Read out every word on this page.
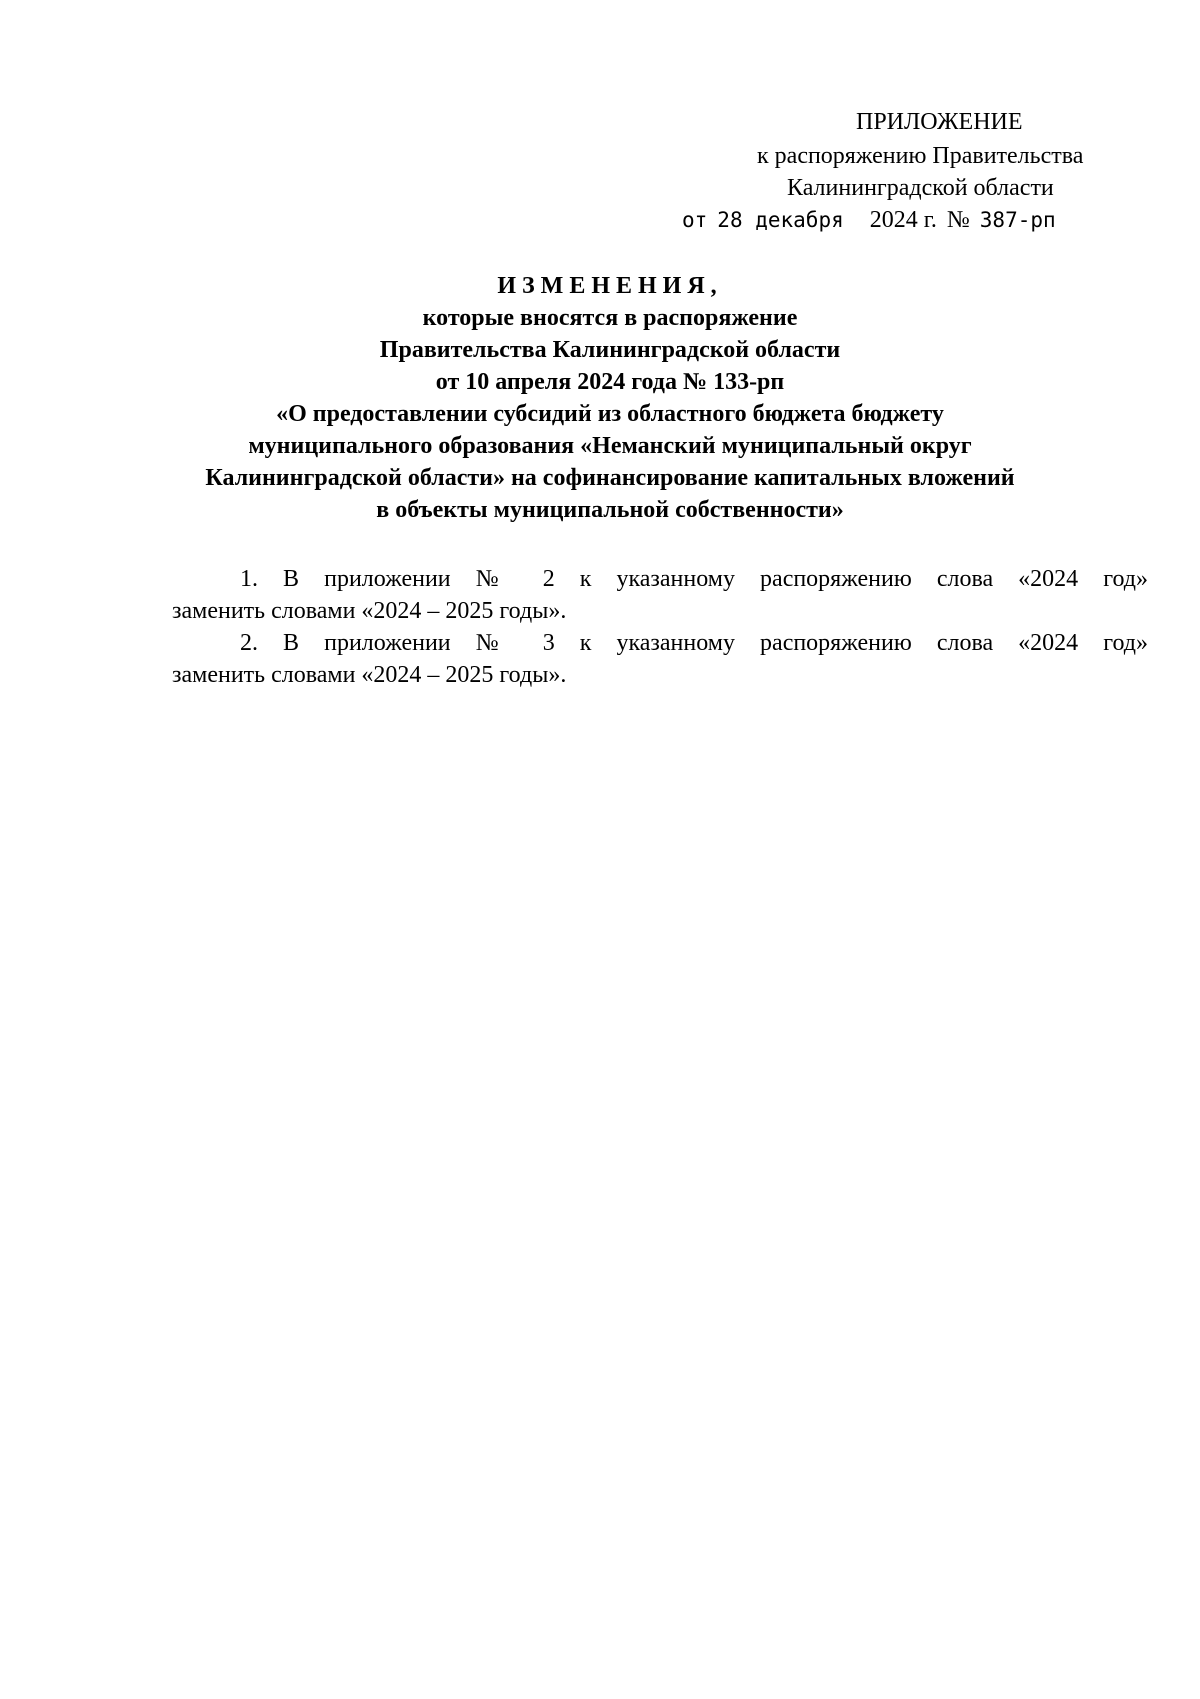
ПРИЛОЖЕНИЕ
к распоряжению Правительства
Калининградской области
от 28 декабря 2024 г. № 387-рп
ИЗМЕНЕНИЯ,
которые вносятся в распоряжение
Правительства Калининградской области
от 10 апреля 2024 года № 133-рп
«О предоставлении субсидий из областного бюджета бюджету
муниципального образования «Неманский муниципальный округ
Калининградской области» на софинансирование капитальных вложений
в объекты муниципальной собственности»
1. В приложении № 2 к указанному распоряжению слова «2024 год»
заменить словами «2024 – 2025 годы».
2. В приложении № 3 к указанному распоряжению слова «2024 год»
заменить словами «2024 – 2025 годы».
